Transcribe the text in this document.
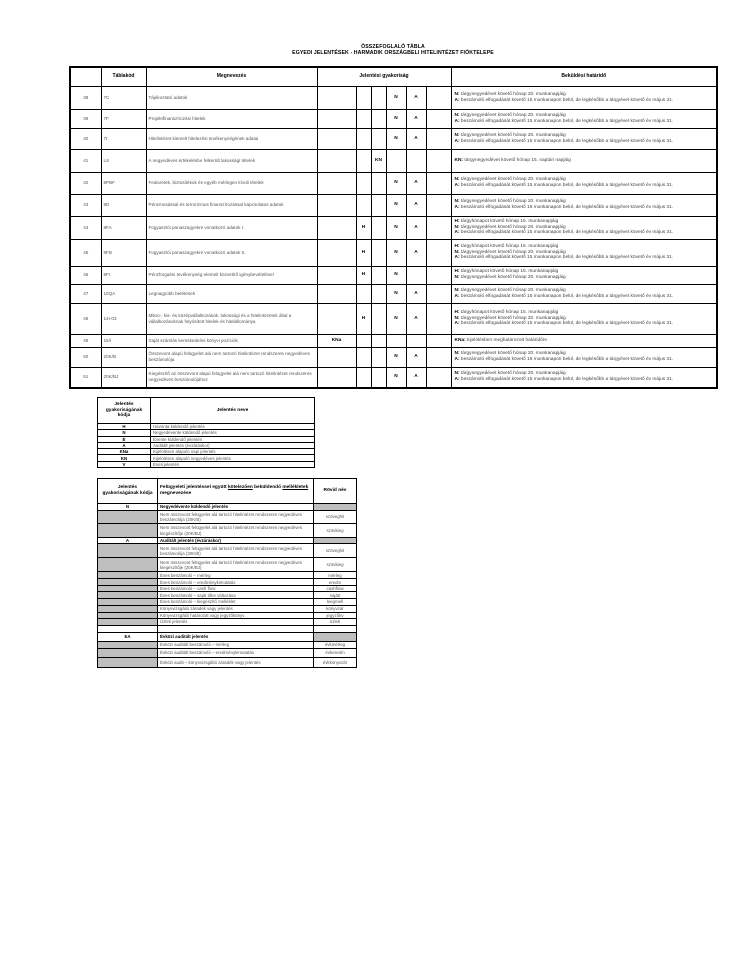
ÖSSZEFOGLALÓ TÁBLA
EGYEDI JELENTÉSEK - HARMADIK ORSZÁGBELI HITELINTÉZET FIÓKTELEPE
	Táblakód	Megnevezés	Jelentési gyakoriság						Beküldési határidő
38	7C	Tájékoztató adatok				N	A		N: tárgynegyedévet követő hónap 20. munkanapjáig
A: beszámoló elfogadását követő 15 munkanapon belül, de legkésőbb a tárgyévet követő év május 31.

39	7F	Projektfinanszírozási hitelek				N	A		N: tárgynegyedévet követő hónap 20. munkanapjáig
A: beszámoló elfogadását követő 15 munkanapon belül, de legkésőbb a tárgyévet követő év május 31.

40	7I	Hitelintézet kiemelt hitelezési tevékenységének adatai				N	A		N: tárgynegyedévet követő hónap 20. munkanapjáig
A: beszámoló elfogadását követő 15 munkanapon belül, de legkésőbb a tárgyévet követő év május 31.

41	LS	A negyedéves értékelésbe felkerült lakossági tételek			KN				KN: tárgynegyedévet követő hónap 15. naptári napjáig

42	8PBF	Fedezetek, biztosítékok és egyéb mérlegen kívüli tételek				N	A		N: tárgynegyedévet követő hónap 20. munkanapjáig
A: beszámoló elfogadását követő 15 munkanapon belül, de legkésőbb a tárgyévet követő év május 31.

43	8D	Pénzmosással és terrorizmus finanszírozással kapcsolatos adatok				N	A		N: tárgynegyedévet követő hónap 20. munkanapjáig
A: beszámoló elfogadását követő 15 munkanapon belül, de legkésőbb a tárgyévet követő év május 31.

44	8FA	Fogyasztói panaszügyekre vonatkozó adatok I.		H		N	A		H: tárgyhónapot követő hónap 15. munkanapjáig
N: tárgynegyedévet követő hónap 20. munkanapjáig
A: beszámoló elfogadását követő 15 munkanapon belül, de legkésőbb a tárgyévet követő év május 31.

45	8FB	Fogyasztói panaszügyekre vonatkozó adatok II.		H		N	A		H: tárgyhónapot követő hónap 15. munkanapjáig
N: tárgynegyedévet követő hónap 20. munkanapjáig
A: beszámoló elfogadását követő 15 munkanapon belül, de legkésőbb a tárgyévet követő év május 31.

46	8FI	Pénzforgalmi tevékenység elemeit közvetítő igénybevételével		H		N			H: tárgyhónapot követő hónap 15. munkanapjáig
N: tárgynegyedévet követő hónap 20. munkanapjáig

47	10QA	Legnagyobb betétesek				N	A		N: tárgynegyedévet követő hónap 20. munkanapjáig
A: beszámoló elfogadását követő 15 munkanapon belül, de legkésőbb a tárgyévet követő év május 31.

48	14I-03	Mikro-, kis- és középvállalkozások, lakossági és a hitelintézetek által a vállalkozásoknak folyósított hitelek és hitelállománya		H		N	A		H: tárgyhónapot követő hónap 15. munkanapjáig
N: tárgynegyedévet követő hónap 20. munkanapjáig
A: beszámoló elfogadását követő 15 munkanapon belül, de legkésőbb a tárgyévet követő év május 31.

49	15/I	Saját számlás kereskedelmi könyvi pozíciók	KNa						KNa: kijelölésben meghatározott határidőre

50	20K/B	Összevont alapú felügyelet alá nem tartozó hitelintézet rendszeres negyedéves beszámolója				N	A		N: tárgynegyedévet követő hónap 20. munkanapjáig
A: beszámoló elfogadását követő 15 munkanapon belül, de legkésőbb a tárgyévet követő év május 31.

51	20K/BJ	Kiegészítő az összevont alapú felügyelet alá nem tartozó hitelintézet rendszeres negyedéves beszámolójához				N	A		N: tárgynegyedévet követő hónap 20. munkanapjáig
A: beszámoló elfogadását követő 15 munkanapon belül, de legkésőbb a tárgyévet követő év május 31.
Jelentés gyakoriságának kódja	Jelentés neve
H	Havonta küldendő jelentés
N	Negyedévente küldendő jelentés
É	Évente küldendő jelentés
A	Auditált jelentés (évzáráskor)
KNa	Kijelölésen alapuló napi jelentés
KN	Kijelölésen alapuló negyedéves jelentés
V	Eseti jelentés
Jelentés gyakoriságának kódja	Felügyeleti jelentéssel együtt kötelezően beküldendő mellékletek megnevezése	Rövid név
N	Negyedévente küldendő jelentés	
	Nem összevont felügyelet alá tartozó hitelintézet rendszeres negyedéves beszámolója (20K/B)	szöveghit
	Nem összevont felügyelet alá tartozó hitelintézet rendszeres negyedéves kiegészítője (20K/BJ)	szövkieg
A	Auditált jelentés (évzáráskor)	
	Nem összevont felügyelet alá tartozó hitelintézet rendszeres negyedéves beszámolója (20K/B)	szöveghit
	Nem összevont felügyelet alá tartozó hitelintézet rendszeres negyedéves kiegészítője (20K/BJ)	szövkieg
	Éves beszámoló – mérleg	mérleg
	Éves beszámoló – eredménykimutatás	eredm
	Éves beszámoló – cash flow	cashflow
	Éves beszámoló – saját tőke változása	sajátt
	Éves beszámoló – kiegészítő melléklet	kiegmell
	Könyvvizsgálói záradék vagy jelentés	könyvzár
	Könyvvizsgálói határozat vagy jegyzőkönyv	jegyzőkv
	Üzleti jelentés	üzleti

EA	Évközi auditált jelentés	
	Évközi auditált beszámoló – mérleg	évkmérleg
	Évközi auditált beszámoló – eredménykimutatás	évkeredm
	Évközi audit – könyvvizsgálói záradék vagy jelentés	évkkönyvzár
